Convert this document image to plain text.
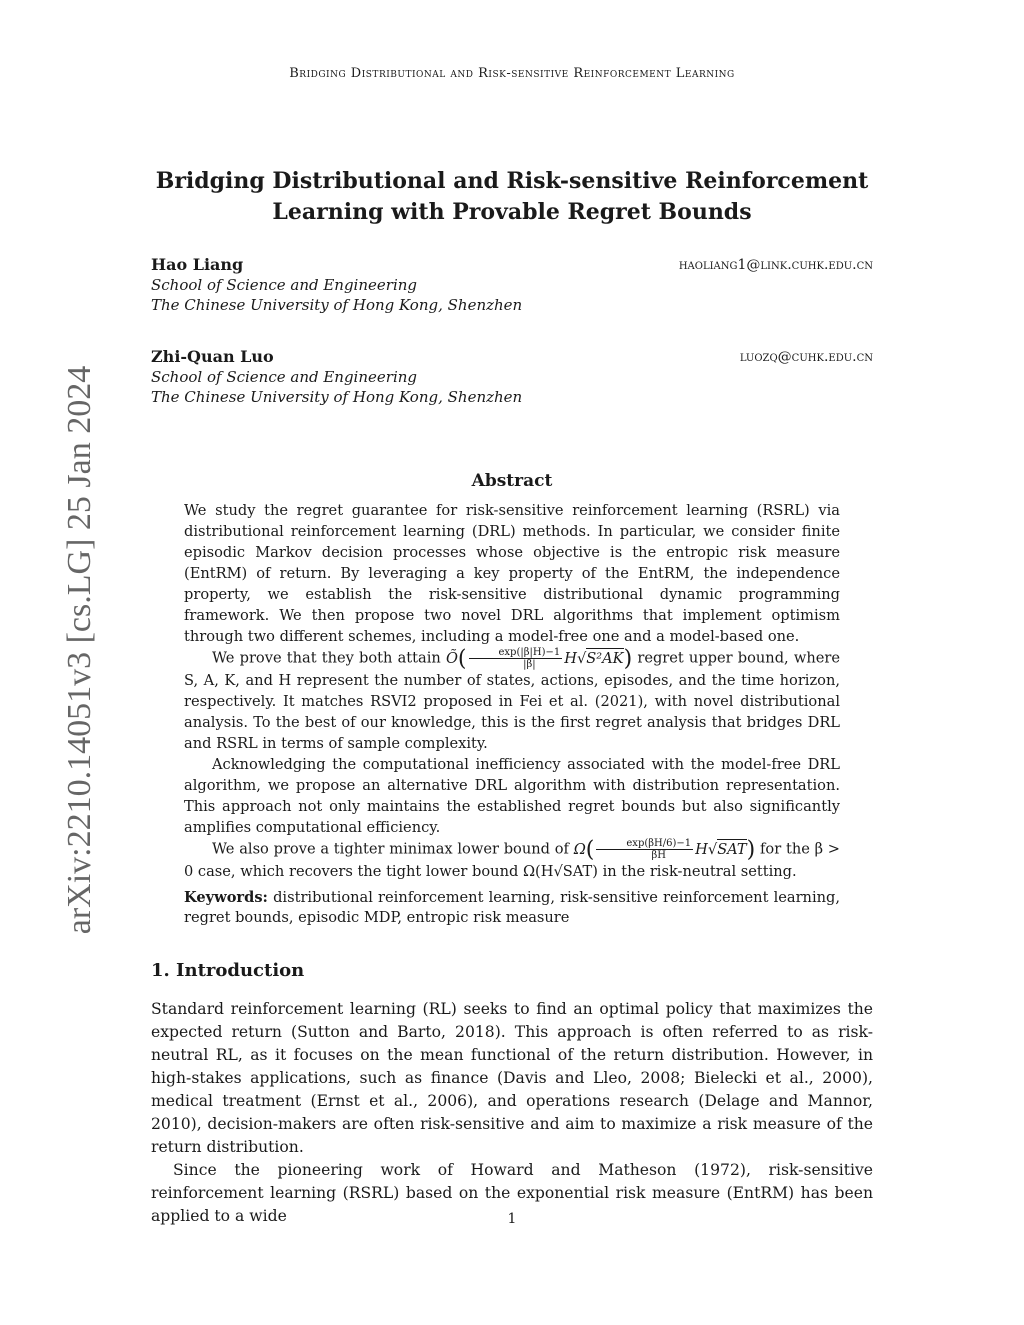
Bridging Distributional and Risk-sensitive Reinforcement Learning
arXiv:2210.14051v3 [cs.LG] 25 Jan 2024
Bridging Distributional and Risk-sensitive Reinforcement
Learning with Provable Regret Bounds
Hao Liang	haoliang1@link.cuhk.edu.cn
School of Science and Engineering
The Chinese University of Hong Kong, Shenzhen
Zhi-Quan Luo	luozq@cuhk.edu.cn
School of Science and Engineering
The Chinese University of Hong Kong, Shenzhen
Abstract

We study the regret guarantee for risk-sensitive reinforcement learning (RSRL) via distributional reinforcement learning (DRL) methods. In particular, we consider finite episodic Markov decision processes whose objective is the entropic risk measure (EntRM) of return. By leveraging a key property of the EntRM, the independence property, we establish the risk-sensitive distributional dynamic programming framework. We then propose two novel DRL algorithms that implement optimism through two different schemes, including a model-free one and a model-based one.

We prove that they both attain Õ( $\frac{\exp(|\beta|H)-1}{|\beta|} H√S^2AK$) regret upper bound, where S, A, K, and H represent the number of states, actions, episodes, and the time horizon, respectively. It matches RSVI2 proposed in Fei et al. (2021), with novel distributional analysis. To the best of our knowledge, this is the first regret analysis that bridges DRL and RSRL in terms of sample complexity.

Acknowledging the computational inefficiency associated with the model-free DRL algorithm, we propose an alternative DRL algorithm with distribution representation. This approach not only maintains the established regret bounds but also significantly amplifies computational efficiency.

We also prove a tighter minimax lower bound of $\Omega( \frac{\exp(\beta H/6)-1}{\beta H} H√SAT)$ for the β > 0 case, which recovers the tight lower bound Ω(H√SAT) in the risk-neutral setting.

Keywords: distributional reinforcement learning, risk-sensitive reinforcement learning, regret bounds, episodic MDP, entropic risk measure
1. Introduction

Standard reinforcement learning (RL) seeks to find an optimal policy that maximizes the expected return (Sutton and Barto, 2018). This approach is often referred to as risk-neutral RL, as it focuses on the mean functional of the return distribution. However, in high-stakes applications, such as finance (Davis and Lleo, 2008; Bielecki et al., 2000), medical treatment (Ernst et al., 2006), and operations research (Delage and Mannor, 2010), decision-makers are often risk-sensitive and aim to maximize a risk measure of the return distribution.

Since the pioneering work of Howard and Matheson (1972), risk-sensitive reinforcement learning (RSRL) based on the exponential risk measure (EntRM) has been applied to a wide	1
